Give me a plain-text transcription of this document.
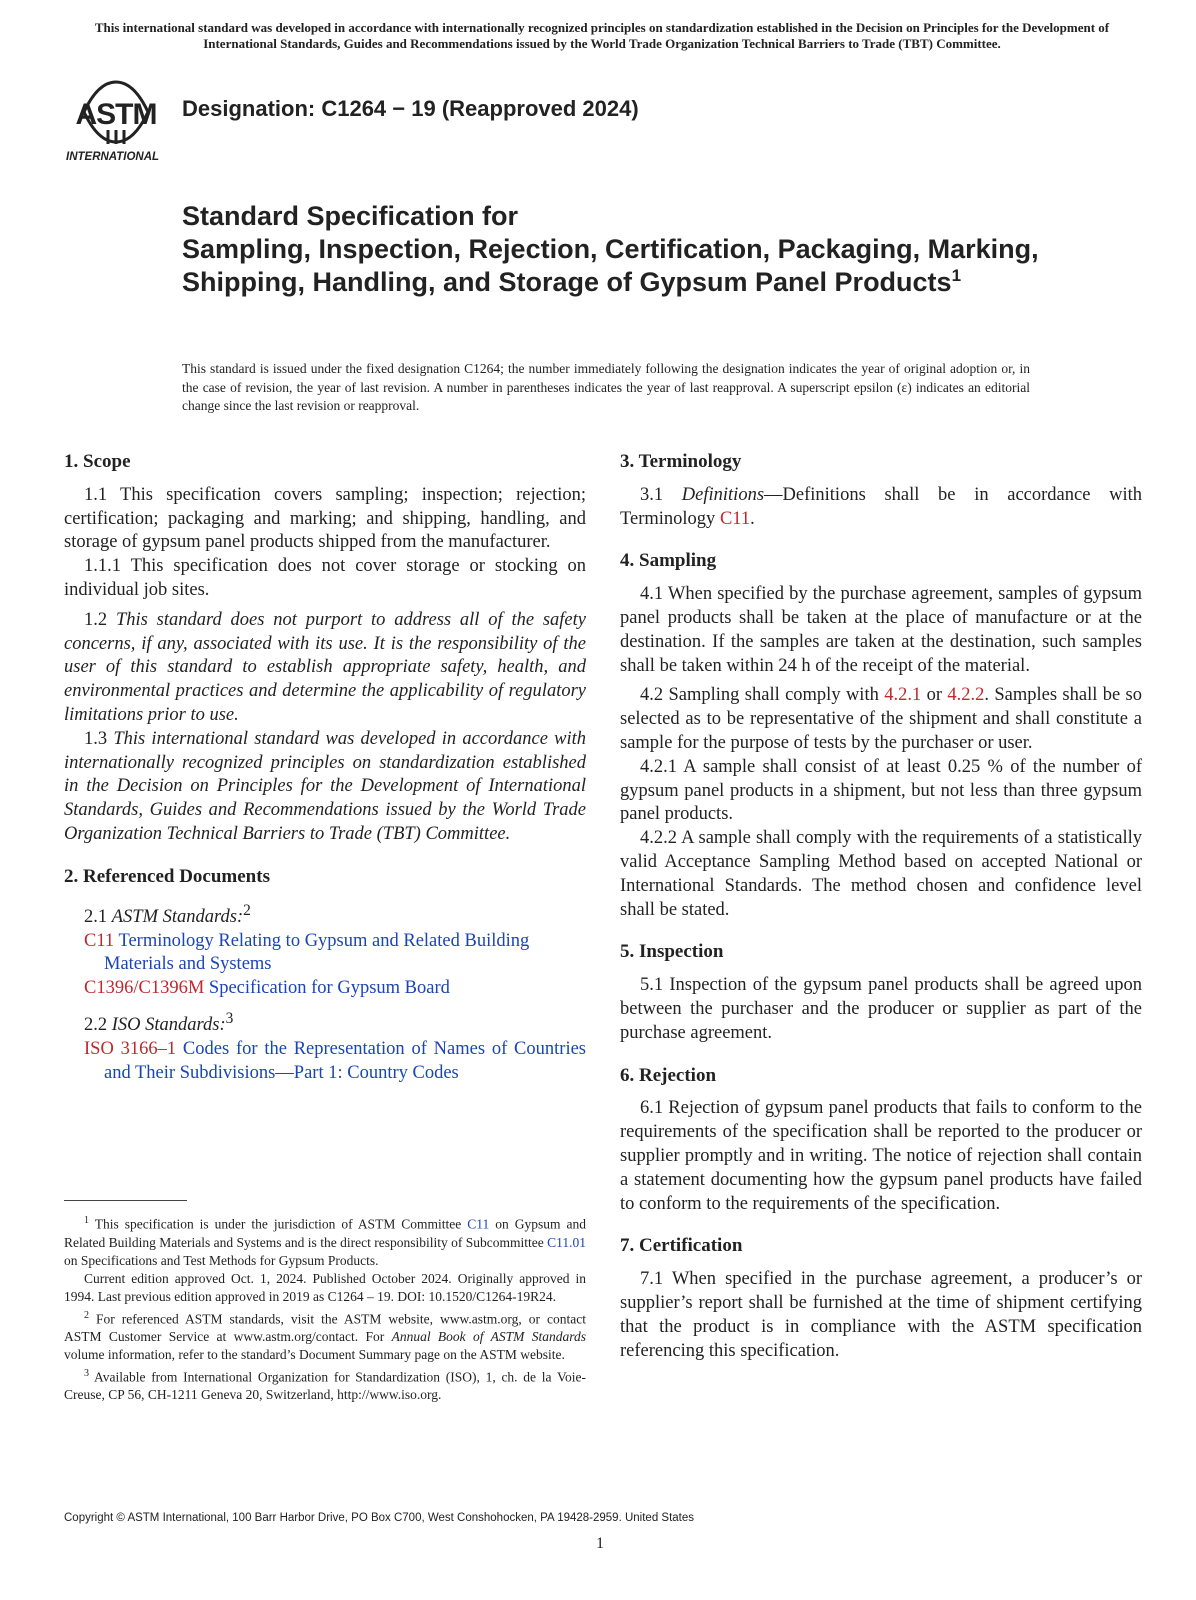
This international standard was developed in accordance with internationally recognized principles on standardization established in the Decision on Principles for the Development of International Standards, Guides and Recommendations issued by the World Trade Organization Technical Barriers to Trade (TBT) Committee.
ASTM
INTERNATIONAL
Designation: C1264 − 19 (Reapproved 2024)
Standard Specification for
Sampling, Inspection, Rejection, Certification, Packaging, Marking, Shipping, Handling, and Storage of Gypsum Panel Products$^1$
This standard is issued under the fixed designation C1264; the number immediately following the designation indicates the year of original adoption or, in the case of revision, the year of last revision. A number in parentheses indicates the year of last reapproval. A superscript epsilon (ε) indicates an editorial change since the last revision or reapproval.

1. Scope

1.1 This specification covers sampling; inspection; rejection; certification; packaging and marking; and shipping, handling, and storage of gypsum panel products shipped from the manufacturer.

1.1.1 This specification does not cover storage or stocking on individual job sites.

1.2 This standard does not purport to address all of the safety concerns, if any, associated with its use. It is the responsibility of the user of this standard to establish appropriate safety, health, and environmental practices and determine the applicability of regulatory limitations prior to use.

1.3 This international standard was developed in accordance with internationally recognized principles on standardization established in the Decision on Principles for the Development of International Standards, Guides and Recommendations issued by the World Trade Organization Technical Barriers to Trade (TBT) Committee.

2. Referenced Documents

2.1 ASTM Standards:$^2$

C11 Terminology Relating to Gypsum and Related Building Materials and Systems

C1396/C1396M Specification for Gypsum Board

2.2 ISO Standards:$^3$

ISO 3166–1 Codes for the Representation of Names of Countries and Their Subdivisions—Part 1: Country Codes

3. Terminology

3.1 Definitions—Definitions shall be in accordance with Terminology C11.

4. Sampling

4.1 When specified by the purchase agreement, samples of gypsum panel products shall be taken at the place of manufacture or at the destination. If the samples are taken at the destination, such samples shall be taken within 24 h of the receipt of the material.

4.2 Sampling shall comply with 4.2.1 or 4.2.2. Samples shall be so selected as to be representative of the shipment and shall constitute a sample for the purpose of tests by the purchaser or user.

4.2.1 A sample shall consist of at least 0.25 % of the number of gypsum panel products in a shipment, but not less than three gypsum panel products.

4.2.2 A sample shall comply with the requirements of a statistically valid Acceptance Sampling Method based on accepted National or International Standards. The method chosen and confidence level shall be stated.

5. Inspection

5.1 Inspection of the gypsum panel products shall be agreed upon between the purchaser and the producer or supplier as part of the purchase agreement.

6. Rejection

6.1 Rejection of gypsum panel products that fails to conform to the requirements of the specification shall be reported to the producer or supplier promptly and in writing. The notice of rejection shall contain a statement documenting how the gypsum panel products have failed to conform to the requirements of the specification.

7. Certification

7.1 When specified in the purchase agreement, a producer’s or supplier’s report shall be furnished at the time of shipment certifying that the product is in compliance with the ASTM specification referencing this specification.

$^1$ This specification is under the jurisdiction of ASTM Committee C11 on Gypsum and Related Building Materials and Systems and is the direct responsibility of Subcommittee C11.01 on Specifications and Test Methods for Gypsum Products.

Current edition approved Oct. 1, 2024. Published October 2024. Originally approved in 1994. Last previous edition approved in 2019 as C1264 – 19. DOI: 10.1520/C1264-19R24.

$^2$ For referenced ASTM standards, visit the ASTM website, www.astm.org, or contact ASTM Customer Service at www.astm.org/contact. For Annual Book of ASTM Standards volume information, refer to the standard’s Document Summary page on the ASTM website.

$^3$ Available from International Organization for Standardization (ISO), 1, ch. de la Voie-Creuse, CP 56, CH-1211 Geneva 20, Switzerland, http://www.iso.org.

Copyright © ASTM International, 100 Barr Harbor Drive, PO Box C700, West Conshohocken, PA 19428-2959. United States
1
